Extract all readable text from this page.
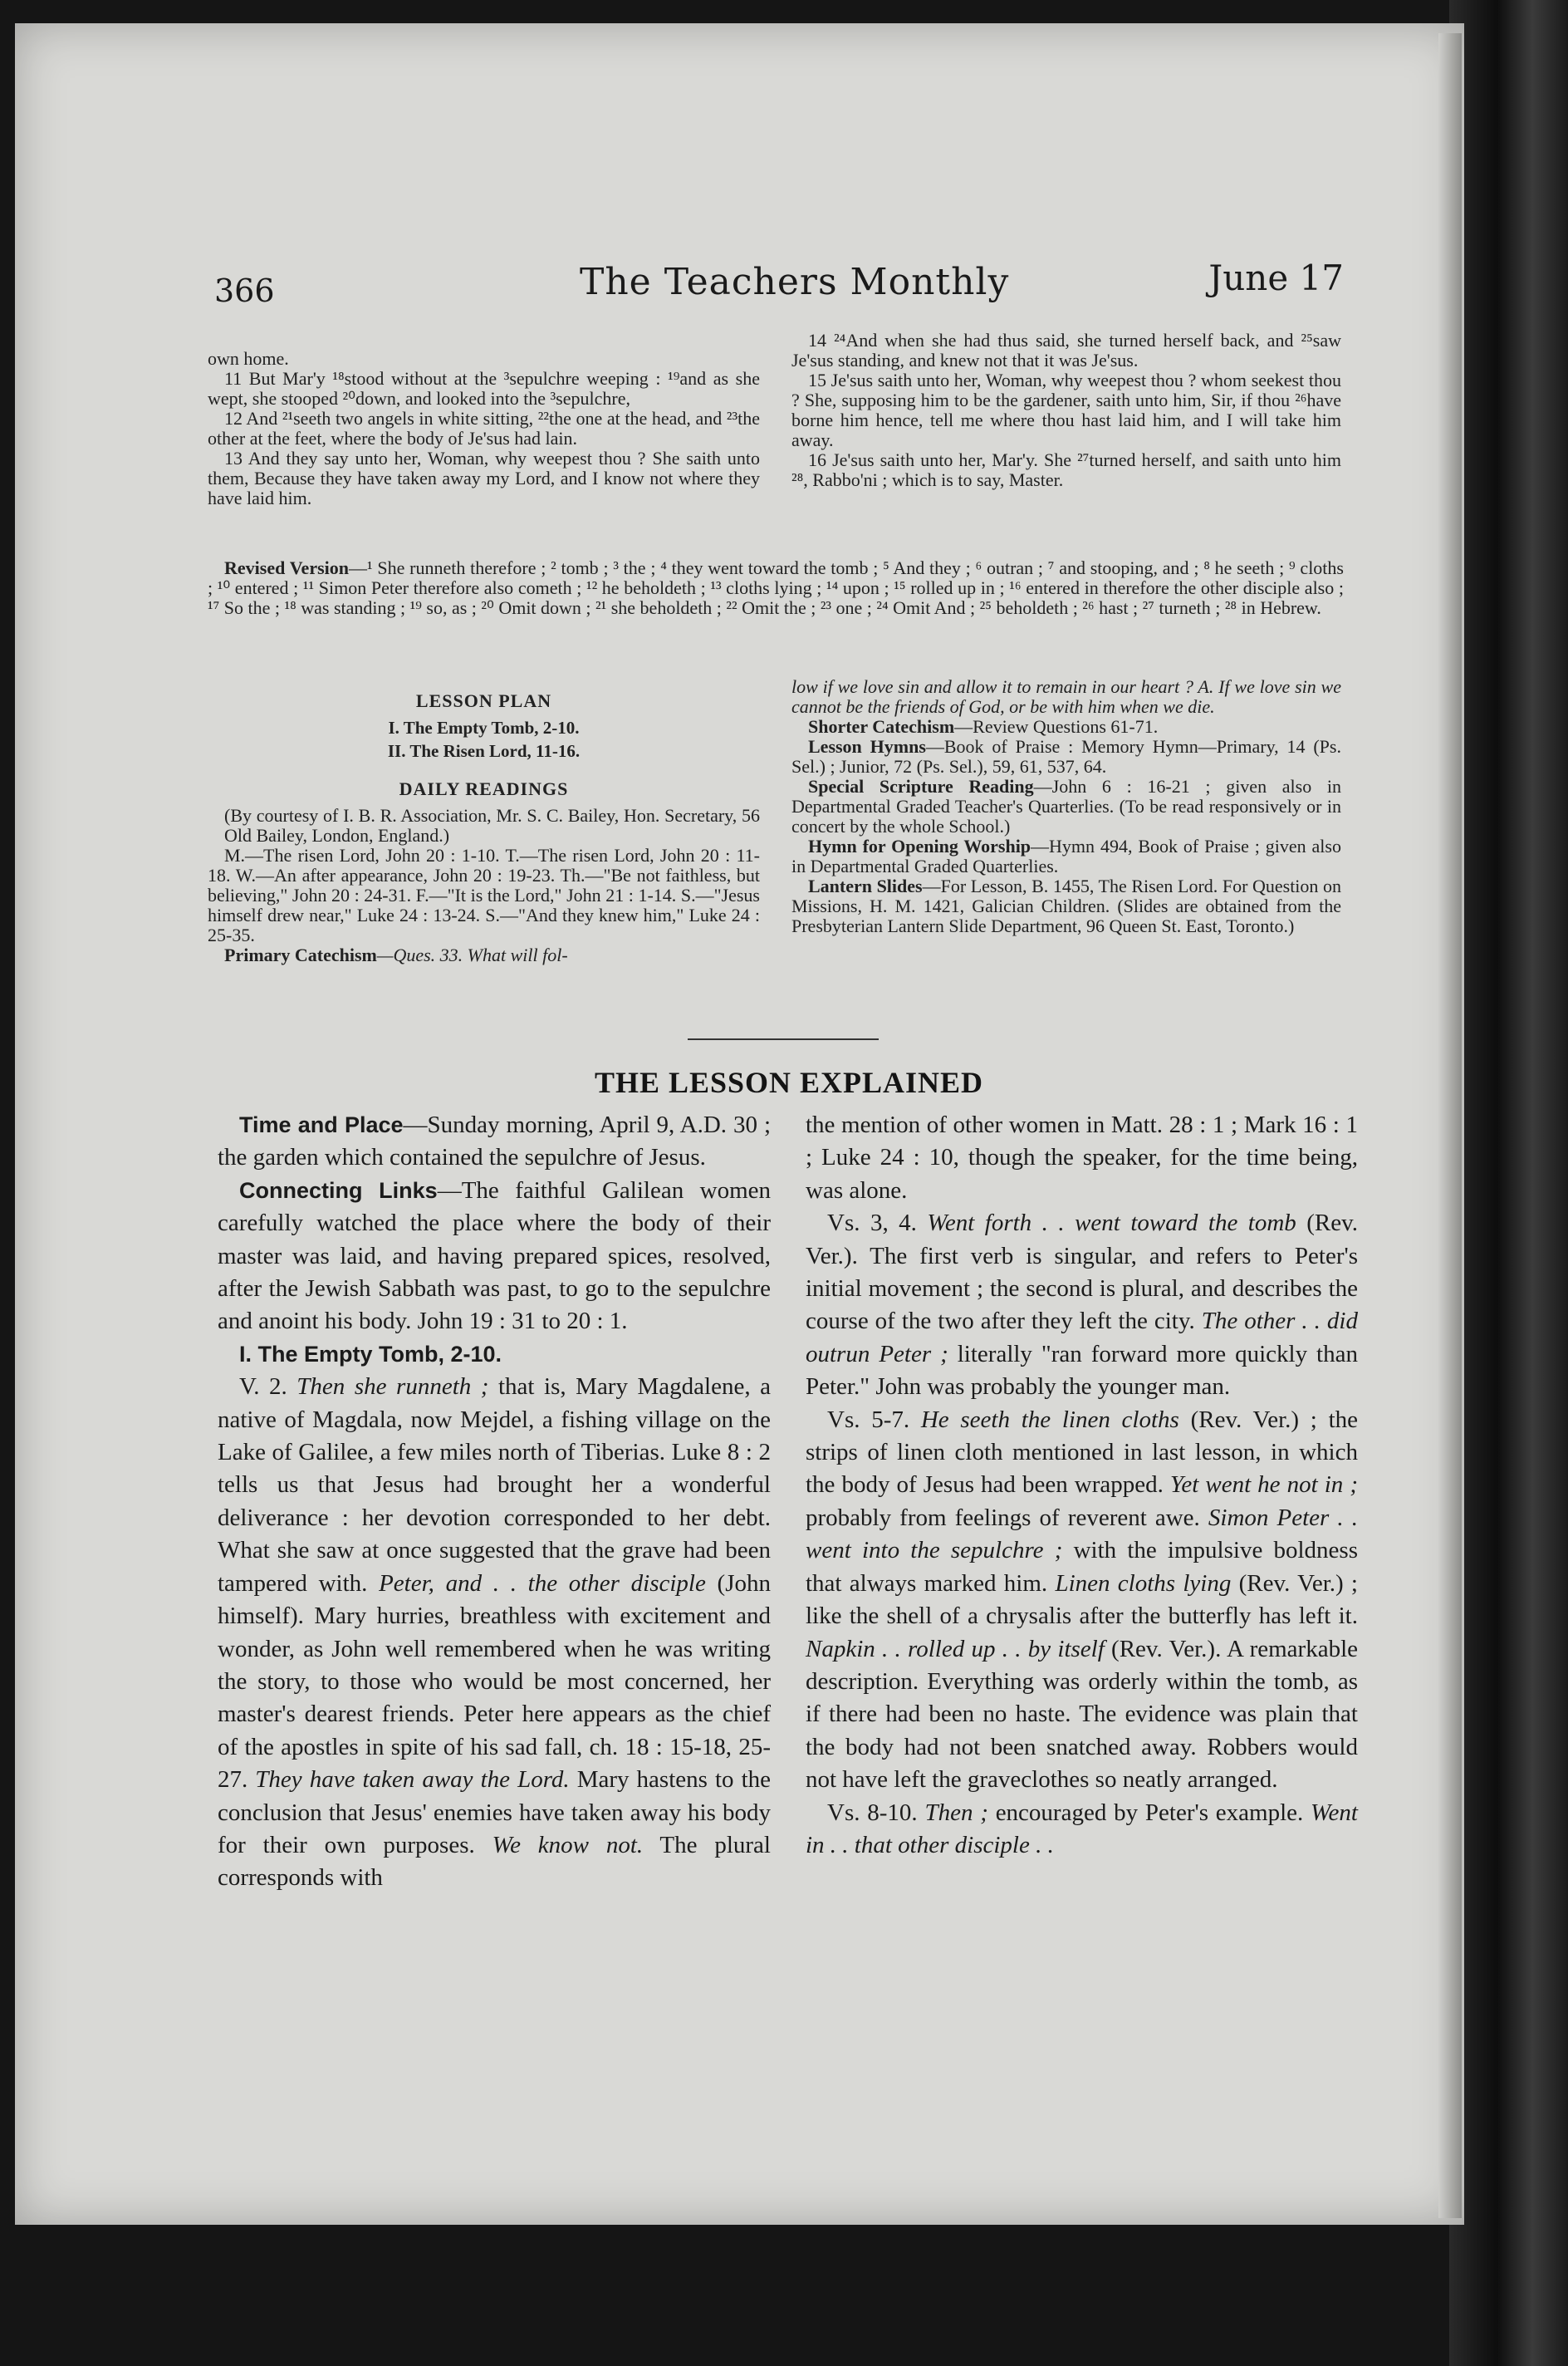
366	The Teachers Monthly	June 17

own home.

11 But Mar'y ¹⁸stood without at the ³sepulchre weeping : ¹⁹and as she wept, she stooped ²⁰down, and looked into the ³sepulchre,

12 And ²¹seeth two angels in white sitting, ²²the one at the head, and ²³the other at the feet, where the body of Je'sus had lain.

13 And they say unto her, Woman, why weepest thou ? She saith unto them, Because they have taken away my Lord, and I know not where they have laid him.

14 ²⁴And when she had thus said, she turned herself back, and ²⁵saw Je'sus standing, and knew not that it was Je'sus.

15 Je'sus saith unto her, Woman, why weepest thou ? whom seekest thou ? She, supposing him to be the gardener, saith unto him, Sir, if thou ²⁶have borne him hence, tell me where thou hast laid him, and I will take him away.

16 Je'sus saith unto her, Mar'y. She ²⁷turned herself, and saith unto him ²⁸, Rabbo'ni ; which is to say, Master.

Revised Version—¹ She runneth therefore ; ² tomb ; ³ the ; ⁴ they went toward the tomb ; ⁵ And they ; ⁶ outran ; ⁷ and stooping, and ; ⁸ he seeth ; ⁹ cloths ; ¹⁰ entered ; ¹¹ Simon Peter therefore also cometh ; ¹² he beholdeth ; ¹³ cloths lying ; ¹⁴ upon ; ¹⁵ rolled up in ; ¹⁶ entered in therefore the other disciple also ; ¹⁷ So the ; ¹⁸ was standing ; ¹⁹ so, as ; ²⁰ Omit down ; ²¹ she beholdeth ; ²² Omit the ; ²³ one ; ²⁴ Omit And ; ²⁵ beholdeth ; ²⁶ hast ; ²⁷ turneth ; ²⁸ in Hebrew.

LESSON PLAN

I. The Empty Tomb, 2-10.

II. The Risen Lord, 11-16.

DAILY READINGS

(By courtesy of I. B. R. Association, Mr. S. C. Bailey, Hon. Secretary, 56 Old Bailey, London, England.)

M.—The risen Lord, John 20 : 1-10. T.—The risen Lord, John 20 : 11-18. W.—An after appearance, John 20 : 19-23. Th.—"Be not faithless, but believing," John 20 : 24-31. F.—"It is the Lord," John 21 : 1-14. S.—"Jesus himself drew near," Luke 24 : 13-24. S.—"And they knew him," Luke 24 : 25-35.

Primary Catechism—Ques. 33. What will fol-

low if we love sin and allow it to remain in our heart ? A. If we love sin we cannot be the friends of God, or be with him when we die.

Shorter Catechism—Review Questions 61-71.

Lesson Hymns—Book of Praise : Memory Hymn—Primary, 14 (Ps. Sel.) ; Junior, 72 (Ps. Sel.), 59, 61, 537, 64.

Special Scripture Reading—John 6 : 16-21 ; given also in Departmental Graded Teacher's Quarterlies. (To be read responsively or in concert by the whole School.)

Hymn for Opening Worship—Hymn 494, Book of Praise ; given also in Departmental Graded Quarterlies.

Lantern Slides—For Lesson, B. 1455, The Risen Lord. For Question on Missions, H. M. 1421, Galician Children. (Slides are obtained from the Presbyterian Lantern Slide Department, 96 Queen St. East, Toronto.)

THE LESSON EXPLAINED

Time and Place—Sunday morning, April 9, A.D. 30 ; the garden which contained the sepulchre of Jesus.

Connecting Links—The faithful Galilean women carefully watched the place where the body of their master was laid, and having prepared spices, resolved, after the Jewish Sabbath was past, to go to the sepulchre and anoint his body. John 19 : 31 to 20 : 1.

I. The Empty Tomb, 2-10.

V. 2. Then she runneth ; that is, Mary Magdalene, a native of Magdala, now Mejdel, a fishing village on the Lake of Galilee, a few miles north of Tiberias. Luke 8 : 2 tells us that Jesus had brought her a wonderful deliverance : her devotion corresponded to her debt. What she saw at once suggested that the grave had been tampered with. Peter, and . . the other disciple (John himself). Mary hurries, breathless with excitement and wonder, as John well remembered when he was writing the story, to those who would be most concerned, her master's dearest friends. Peter here appears as the chief of the apostles in spite of his sad fall, ch. 18 : 15-18, 25-27. They have taken away the Lord. Mary hastens to the conclusion that Jesus' enemies have taken away his body for their own purposes. We know not. The plural corresponds with

the mention of other women in Matt. 28 : 1 ; Mark 16 : 1 ; Luke 24 : 10, though the speaker, for the time being, was alone.

Vs. 3, 4. Went forth . . went toward the tomb (Rev. Ver.). The first verb is singular, and refers to Peter's initial movement ; the second is plural, and describes the course of the two after they left the city. The other . . did outrun Peter ; literally "ran forward more quickly than Peter." John was probably the younger man.

Vs. 5-7. He seeth the linen cloths (Rev. Ver.) ; the strips of linen cloth mentioned in last lesson, in which the body of Jesus had been wrapped. Yet went he not in ; probably from feelings of reverent awe. Simon Peter . . went into the sepulchre ; with the impulsive boldness that always marked him. Linen cloths lying (Rev. Ver.) ; like the shell of a chrysalis after the butterfly has left it. Napkin . . rolled up . . by itself (Rev. Ver.). A remarkable description. Everything was orderly within the tomb, as if there had been no haste. The evidence was plain that the body had not been snatched away. Robbers would not have left the graveclothes so neatly arranged.

Vs. 8-10. Then ; encouraged by Peter's example. Went in . . that other disciple . .
